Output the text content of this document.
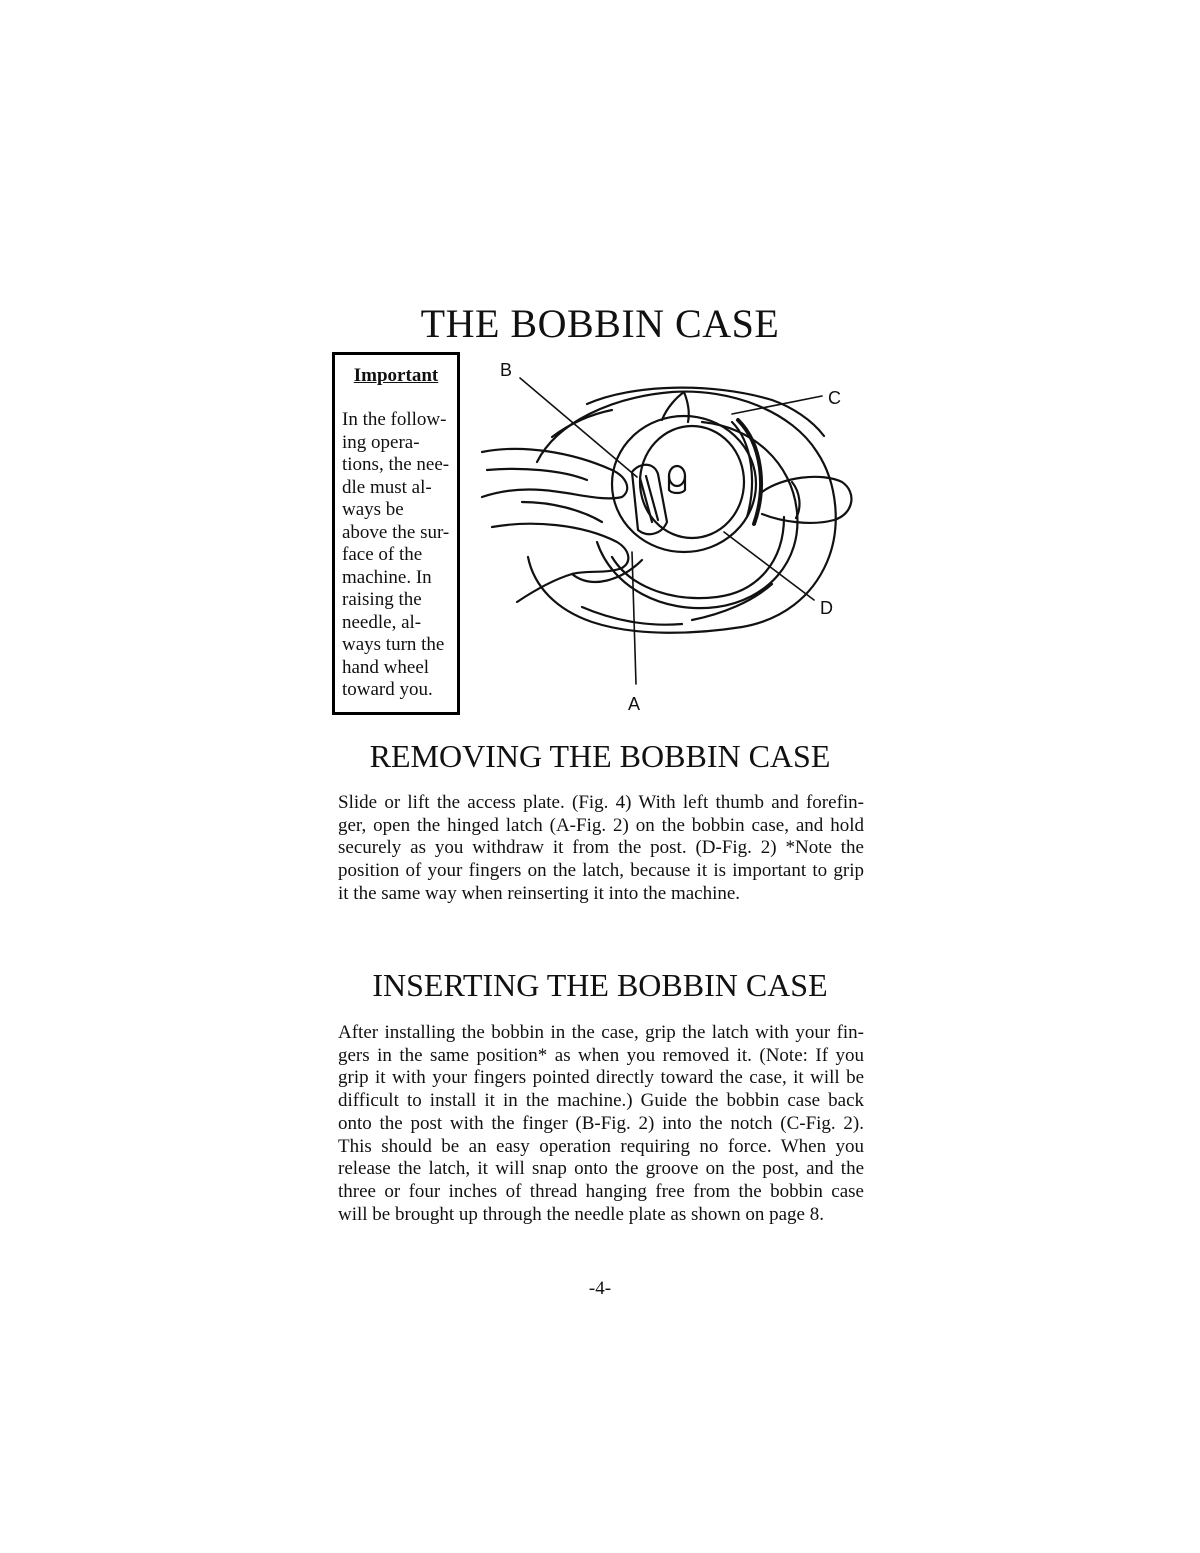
THE BOBBIN CASE
Important

In the follow-
ing opera-
tions, the nee-
dle must al-
ways be
above the sur-
face of the
machine. In
raising the
needle, al-
ways turn the
hand wheel
toward you.

B
C
D
A
REMOVING THE BOBBIN CASE

Slide or lift the access plate. (Fig. 4) With left thumb and forefin-
ger, open the hinged latch (A-Fig. 2) on the bobbin case, and hold
securely as you withdraw it from the post. (D-Fig. 2) *Note the
position of your fingers on the latch, because it is important to grip
it the same way when reinserting it into the machine.

INSERTING THE BOBBIN CASE

After installing the bobbin in the case, grip the latch with your fin-
gers in the same position* as when you removed it. (Note: If you
grip it with your fingers pointed directly toward the case, it will be
difficult to install it in the machine.) Guide the bobbin case back
onto the post with the finger (B-Fig. 2) into the notch (C-Fig. 2).
This should be an easy operation requiring no force. When you
release the latch, it will snap onto the groove on the post, and the
three or four inches of thread hanging free from the bobbin case
will be brought up through the needle plate as shown on page 8.

-4-
